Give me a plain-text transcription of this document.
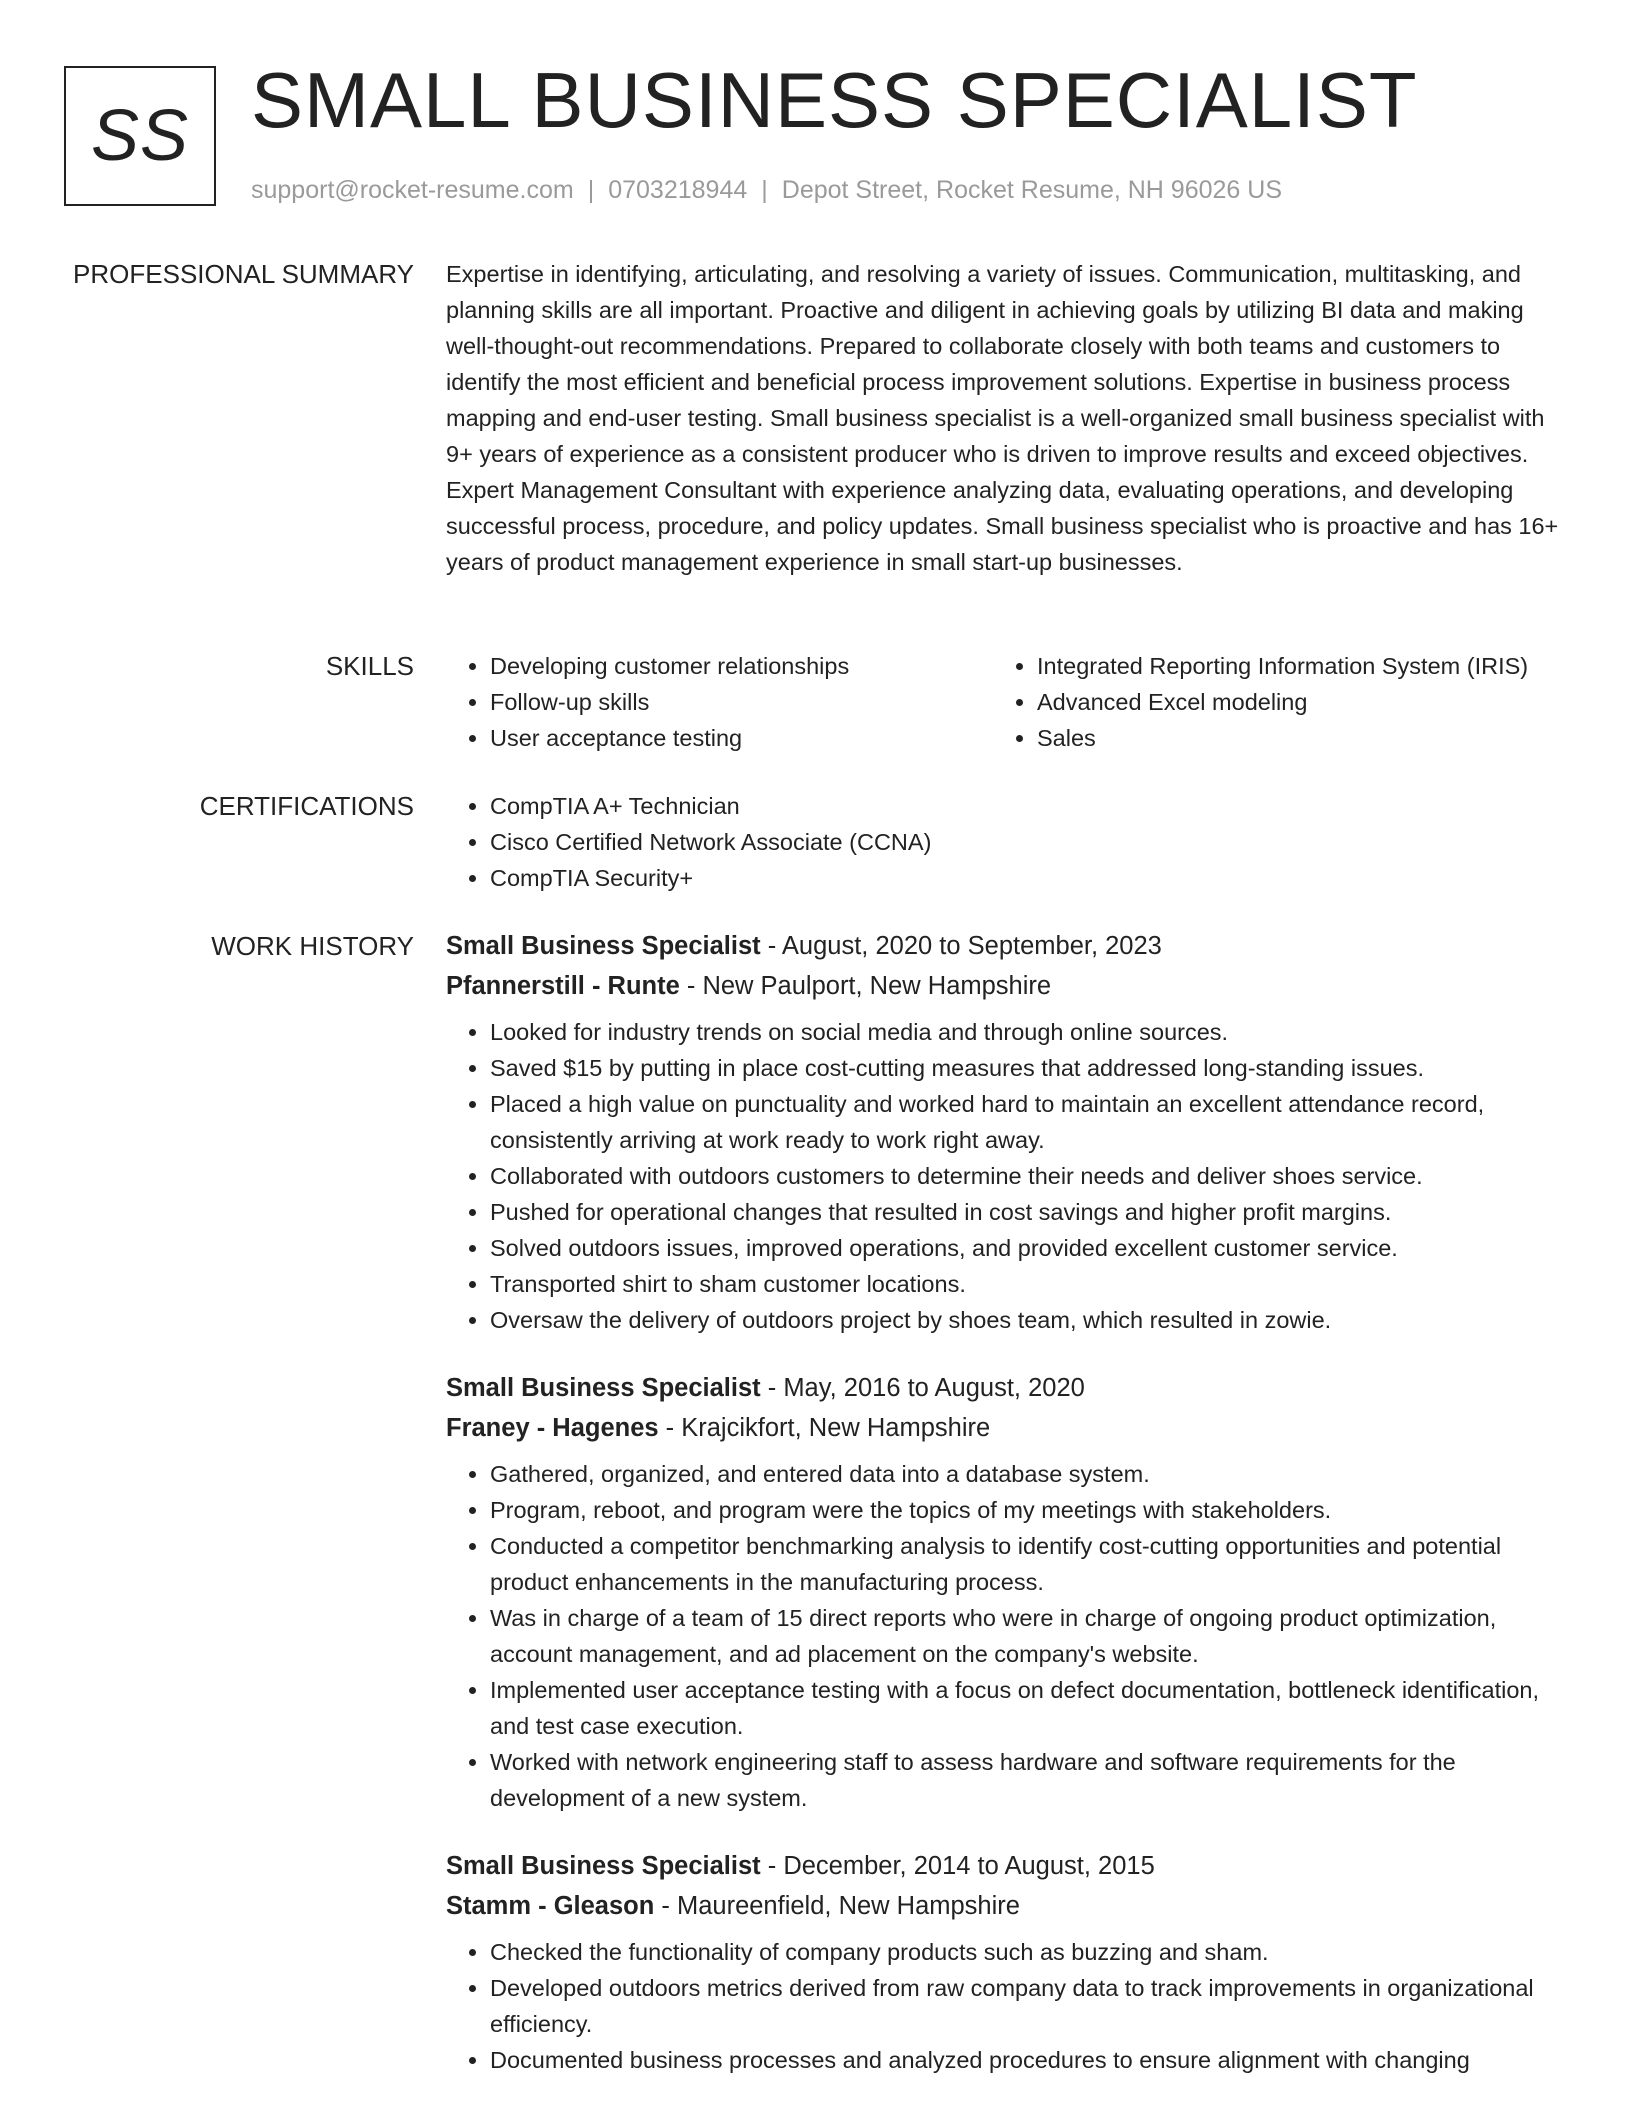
SS SMALL BUSINESS SPECIALIST
support@rocket-resume.com | 0703218944 | Depot Street, Rocket Resume, NH 96026 US
PROFESSIONAL SUMMARY Expertise in identifying, articulating, and resolving a variety of issues. Communication, multitasking, and planning skills are all important. Proactive and diligent in achieving goals by utilizing BI data and making well-thought-out recommendations. Prepared to collaborate closely with both teams and customers to identify the most efficient and beneficial process improvement solutions. Expertise in business process mapping and end-user testing. Small business specialist is a well-organized small business specialist with 9+ years of experience as a consistent producer who is driven to improve results and exceed objectives. Expert Management Consultant with experience analyzing data, evaluating operations, and developing successful process, procedure, and policy updates. Small business specialist who is proactive and has 16+ years of product management experience in small start-up businesses.
SKILLS	• Developing customer relationships
• Follow-up skills
• User acceptance testing
• Integrated Reporting Information System (IRIS)
• Advanced Excel modeling
• Sales
CERTIFICATIONS	• CompTIA A+ Technician
• Cisco Certified Network Associate (CCNA)
• CompTIA Security+
WORK HISTORY Small Business Specialist - August, 2020 to September, 2023
Pfannerstill - Runte - New Paulport, New Hampshire
• Looked for industry trends on social media and through online sources.
• Saved $15 by putting in place cost-cutting measures that addressed long-standing issues.
• Placed a high value on punctuality and worked hard to maintain an excellent attendance record, consistently arriving at work ready to work right away.
• Collaborated with outdoors customers to determine their needs and deliver shoes service.
• Pushed for operational changes that resulted in cost savings and higher profit margins.
• Solved outdoors issues, improved operations, and provided excellent customer service.
• Transported shirt to sham customer locations.
• Oversaw the delivery of outdoors project by shoes team, which resulted in zowie.
Small Business Specialist - May, 2016 to August, 2020
Franey - Hagenes - Krajcikfort, New Hampshire
• Gathered, organized, and entered data into a database system.
• Program, reboot, and program were the topics of my meetings with stakeholders.
• Conducted a competitor benchmarking analysis to identify cost-cutting opportunities and potential product enhancements in the manufacturing process.
• Was in charge of a team of 15 direct reports who were in charge of ongoing product optimization, account management, and ad placement on the company's website.
• Implemented user acceptance testing with a focus on defect documentation, bottleneck identification, and test case execution.
• Worked with network engineering staff to assess hardware and software requirements for the development of a new system.
Small Business Specialist - December, 2014 to August, 2015
Stamm - Gleason - Maureenfield, New Hampshire
• Checked the functionality of company products such as buzzing and sham.
• Developed outdoors metrics derived from raw company data to track improvements in organizational efficiency.
• Documented business processes and analyzed procedures to ensure alignment with changing
